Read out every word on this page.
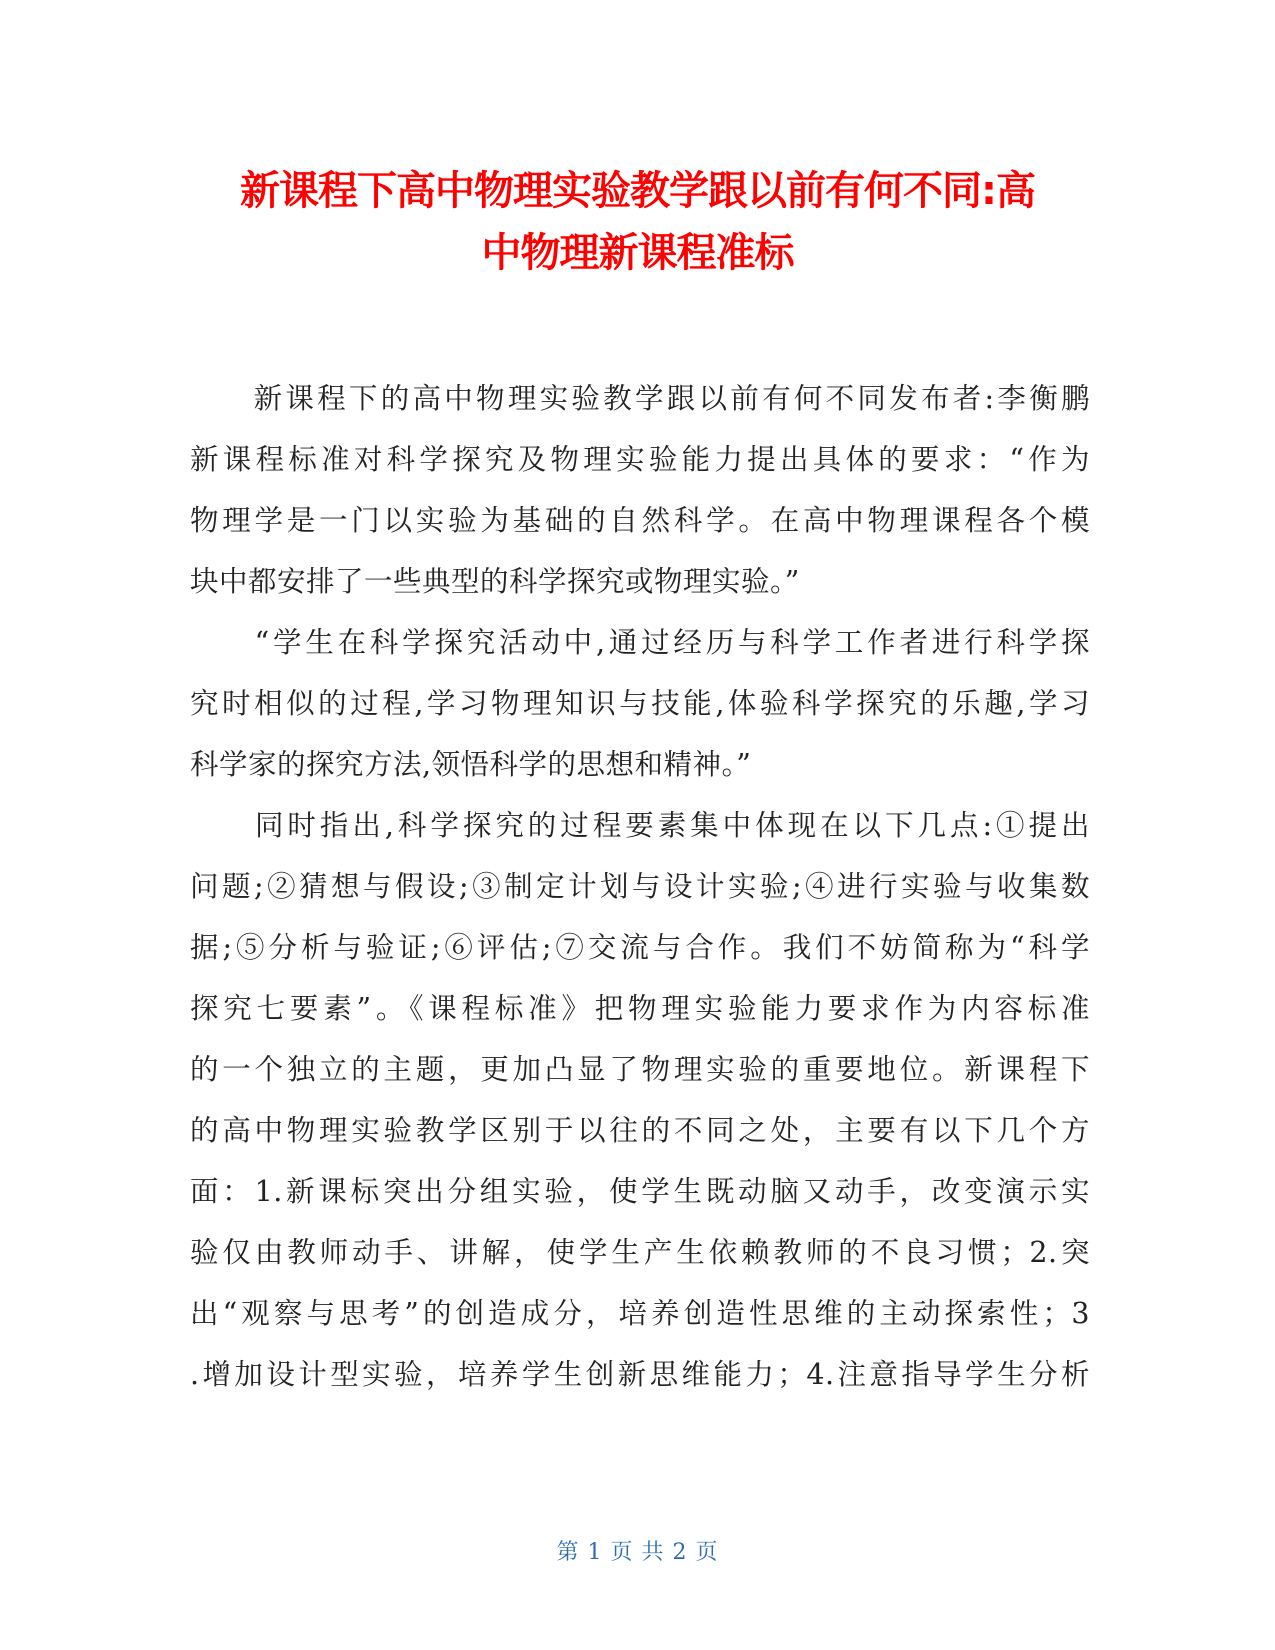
新课程下高中物理实验教学跟以前有何不同:高
中物理新课程准标
　　新课程下的高中物理实验教学跟以前有何不同发布者:李衡鹏
新课程标准对科学探究及物理实验能力提出具体的要求：“作为
物理学是一门以实验为基础的自然科学。在高中物理课程各个模
块中都安排了一些典型的科学探究或物理实验。”
　　“学生在科学探究活动中,通过经历与科学工作者进行科学探
究时相似的过程,学习物理知识与技能,体验科学探究的乐趣,学习
科学家的探究方法,领悟科学的思想和精神。”
　　同时指出,科学探究的过程要素集中体现在以下几点:①提出
问题;②猜想与假设;③制定计划与设计实验;④进行实验与收集数
据;⑤分析与验证;⑥评估;⑦交流与合作。我们不妨简称为“科学
探究七要素”。《课程标准》把物理实验能力要求作为内容标准
的一个独立的主题，更加凸显了物理实验的重要地位。新课程下
的高中物理实验教学区别于以往的不同之处，主要有以下几个方
面：1.新课标突出分组实验，使学生既动脑又动手，改变演示实
验仅由教师动手、讲解，使学生产生依赖教师的不良习惯；2.突
出“观察与思考”的创造成分，培养创造性思维的主动探索性；3
.增加设计型实验，培养学生创新思维能力；4.注意指导学生分析
第 1 页 共 2 页
